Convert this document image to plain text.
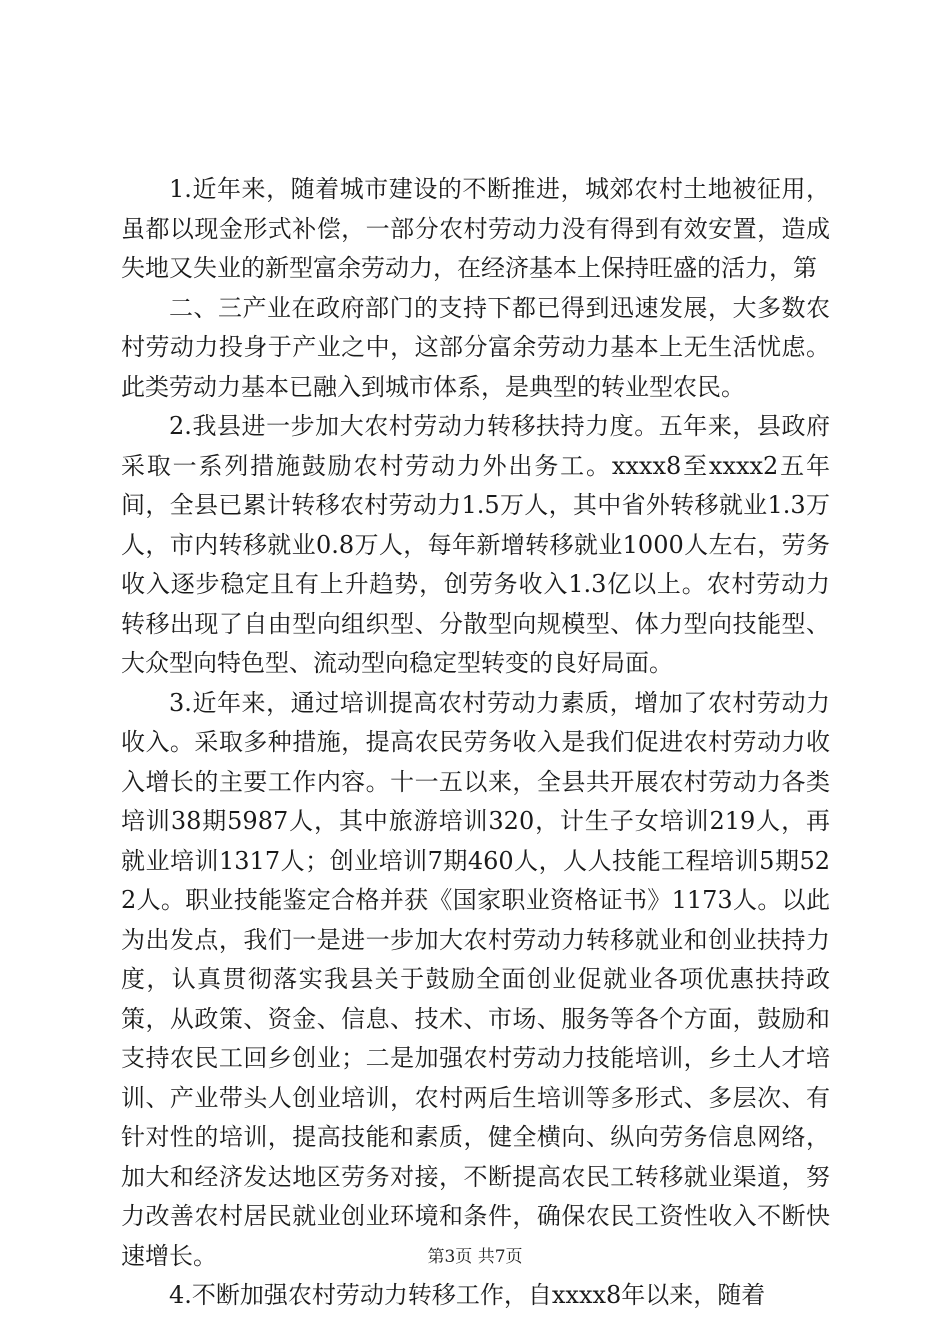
1.近年来，随着城市建设的不断推进，城郊农村土地被征用，虽都以现金形式补偿，一部分农村劳动力没有得到有效安置，造成失地又失业的新型富余劳动力，在经济基本上保持旺盛的活力，第

二、三产业在政府部门的支持下都已得到迅速发展，大多数农村劳动力投身于产业之中，这部分富余劳动力基本上无生活忧虑。此类劳动力基本已融入到城市体系，是典型的转业型农民。

2.我县进一步加大农村劳动力转移扶持力度。五年来，县政府采取一系列措施鼓励农村劳动力外出务工。xxxx8至xxxx2五年间，全县已累计转移农村劳动力1.5万人，其中省外转移就业1.3万人，市内转移就业0.8万人，每年新增转移就业1000人左右，劳务收入逐步稳定且有上升趋势，创劳务收入1.3亿以上。农村劳动力转移出现了自由型向组织型、分散型向规模型、体力型向技能型、大众型向特色型、流动型向稳定型转变的良好局面。

3.近年来，通过培训提高农村劳动力素质，增加了农村劳动力收入。采取多种措施，提高农民劳务收入是我们促进农村劳动力收入增长的主要工作内容。十一五以来，全县共开展农村劳动力各类培训38期5987人，其中旅游培训320，计生子女培训219人，再就业培训1317人；创业培训7期460人，人人技能工程培训5期522人。职业技能鉴定合格并获《国家职业资格证书》1173人。以此为出发点，我们一是进一步加大农村劳动力转移就业和创业扶持力度，认真贯彻落实我县关于鼓励全面创业促就业各项优惠扶持政策，从政策、资金、信息、技术、市场、服务等各个方面，鼓励和支持农民工回乡创业；二是加强农村劳动力技能培训，乡土人才培训、产业带头人创业培训，农村两后生培训等多形式、多层次、有针对性的培训，提高技能和素质，健全横向、纵向劳务信息网络，加大和经济发达地区劳务对接，不断提高农民工转移就业渠道，努力改善农村居民就业创业环境和条件，确保农民工资性收入不断快速增长。

4.不断加强农村劳动力转移工作，自xxxx8年以来，随着

第3页 共7页
